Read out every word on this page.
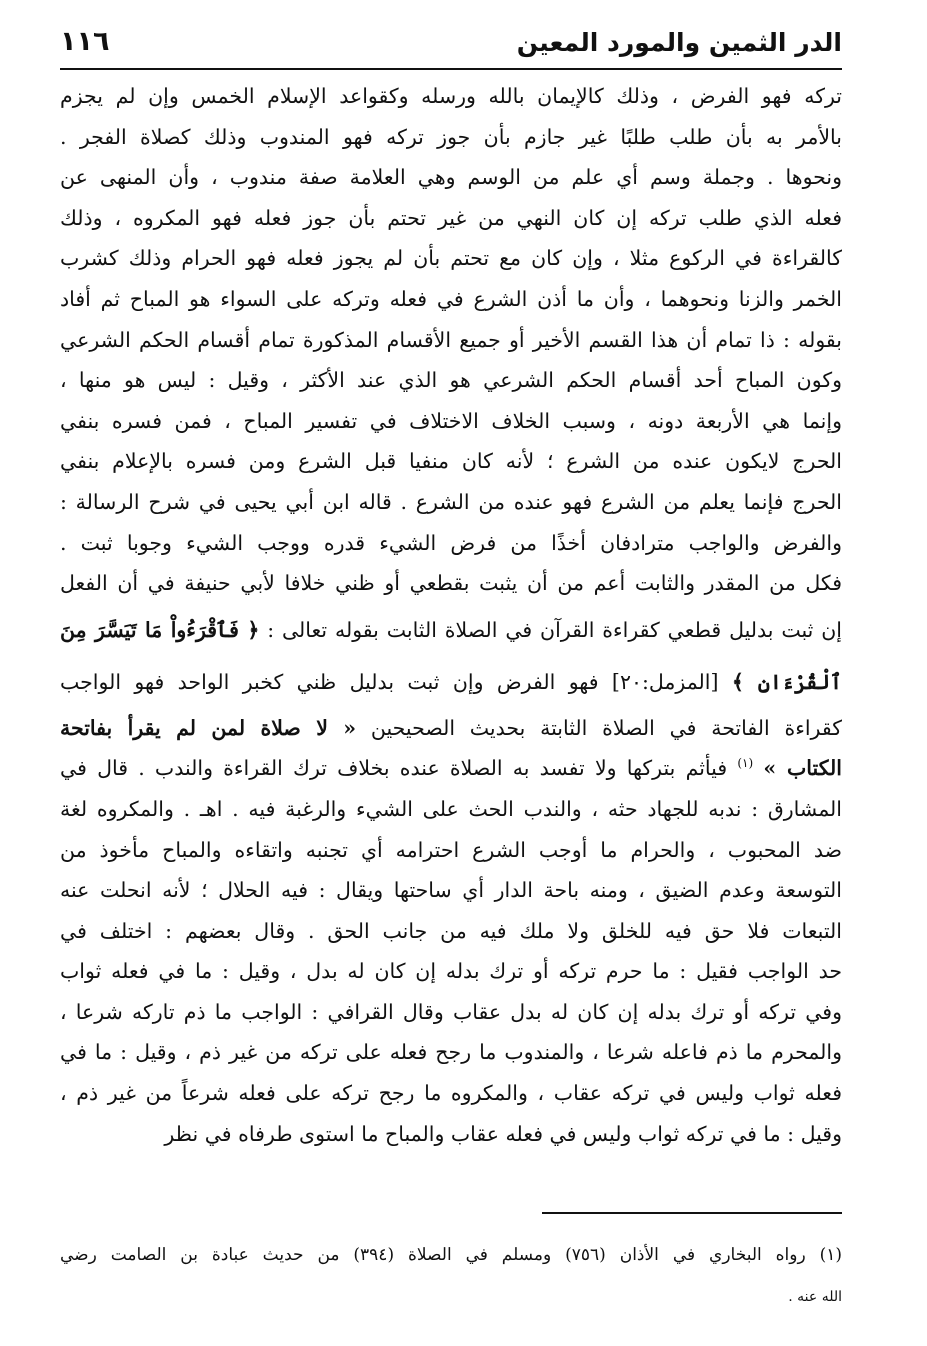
الدر الثمين والمورد المعين
١١٦
تركه فهو الفرض ، وذلك كالإيمان بالله ورسله وكقواعد الإسلام الخمس وإن لم يجزم
بالأمر به بأن طلب طلبًا غير جازم بأن جوز تركه فهو المندوب وذلك كصلاة الفجر .
ونحوها . وجملة وسم أي علم من الوسم وهي العلامة صفة مندوب ، وأن المنهى عن
فعله الذي طلب تركه إن كان النهي من غير تحتم بأن جوز فعله فهو المكروه ، وذلك
كالقراءة في الركوع مثلا ، وإن كان مع تحتم بأن لم يجوز فعله فهو الحرام وذلك كشرب
الخمر والزنا ونحوهما ، وأن ما أذن الشرع في فعله وتركه على السواء هو المباح ثم أفاد
بقوله : ذا تمام أن هذا القسم الأخير أو جميع الأقسام المذكورة تمام أقسام الحكم الشرعي
وكون المباح أحد أقسام الحكم الشرعي هو الذي عند الأكثر ، وقيل : ليس هو منها ،
وإنما هي الأربعة دونه ، وسبب الخلاف الاختلاف في تفسير المباح ، فمن فسره بنفي
الحرج لايكون عنده من الشرع ؛ لأنه كان منفيا قبل الشرع ومن فسره بالإعلام بنفي
الحرج فإنما يعلم من الشرع فهو عنده من الشرع . قاله ابن أبي يحيى في شرح الرسالة :
والفرض والواجب مترادفان أخذًا من فرض الشيء قدره ووجب الشيء وجوبا ثبت .
فكل من المقدر والثابت أعم من أن يثبت بقطعي أو ظني خلافا لأبي حنيفة في أن الفعل
إن ثبت بدليل قطعي كقراءة القرآن في الصلاة الثابت بقوله تعالى : ﴿ فَٱقْرَءُواْ مَا تَيَسَّرَ مِنَ
ٱلْقُرْءَانِ ﴾ [المزمل:٢٠] فهو الفرض وإن ثبت بدليل ظني كخبر الواحد فهو الواجب
كقراءة الفاتحة في الصلاة الثابتة بحديث الصحيحين « لا صلاة لمن لم يقرأ بفاتحة
الكتاب » $^{(١)}$ فيأثم بتركها ولا تفسد به الصلاة عنده بخلاف ترك القراءة والندب . قال في
المشارق : ندبه للجهاد حثه ، والندب الحث على الشيء والرغبة فيه . اهـ . والمكروه لغة
ضد المحبوب ، والحرام ما أوجب الشرع احترامه أي تجنبه واتقاءه والمباح مأخوذ من
التوسعة وعدم الضيق ، ومنه باحة الدار أي ساحتها ويقال : فيه الحلال ؛ لأنه انحلت عنه
التبعات فلا حق فيه للخلق ولا ملك فيه من جانب الحق . وقال بعضهم : اختلف في
حد الواجب فقيل : ما حرم تركه أو ترك بدله إن كان له بدل ، وقيل : ما في فعله ثواب
وفي تركه أو ترك بدله إن كان له بدل عقاب وقال القرافي : الواجب ما ذم تاركه شرعا ،
والمحرم ما ذم فاعله شرعا ، والمندوب ما رجح فعله على تركه من غير ذم ، وقيل : ما في
فعله ثواب وليس في تركه عقاب ، والمكروه ما رجح تركه على فعله شرعاً من غير ذم ،
وقيل : ما في تركه ثواب وليس في فعله عقاب والمباح ما استوى طرفاه في نظر
(١) رواه البخاري في الأذان (٧٥٦) ومسلم في الصلاة (٣٩٤) من حديث عبادة بن الصامت رضي
الله عنه .
